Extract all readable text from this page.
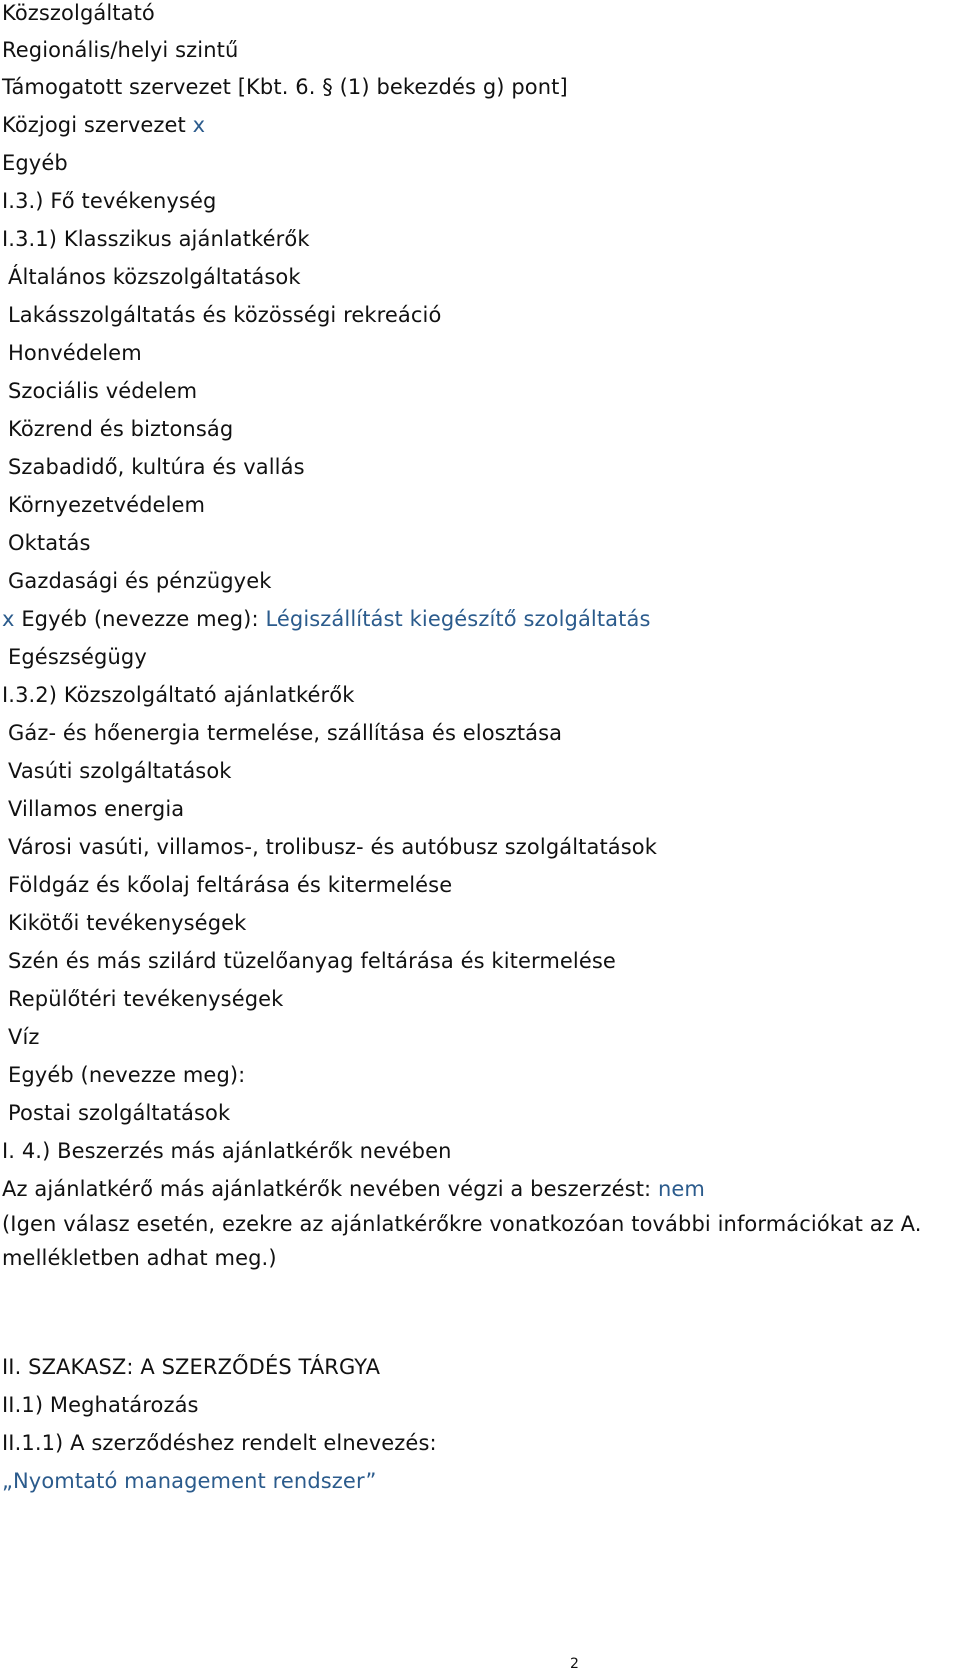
Közszolgáltató
Regionális/helyi szintű
Támogatott szervezet [Kbt. 6. § (1) bekezdés g) pont]
Közjogi szervezet x
Egyéb
I.3.) Fő tevékenység
I.3.1) Klasszikus ajánlatkérők
Általános közszolgáltatások
Lakásszolgáltatás és közösségi rekreáció
Honvédelem
Szociális védelem
Közrend és biztonság
Szabadidő, kultúra és vallás
Környezetvédelem
Oktatás
Gazdasági és pénzügyek
x Egyéb (nevezze meg): Légiszállítást kiegészítő szolgáltatás
Egészségügy
I.3.2) Közszolgáltató ajánlatkérők
Gáz- és hőenergia termelése, szállítása és elosztása
Vasúti szolgáltatások
Villamos energia
Városi vasúti, villamos-, trolibusz- és autóbusz szolgáltatások
Földgáz és kőolaj feltárása és kitermelése
Kikötői tevékenységek
Szén és más szilárd tüzelőanyag feltárása és kitermelése
Repülőtéri tevékenységek
Víz
Egyéb (nevezze meg):
Postai szolgáltatások
I. 4.) Beszerzés más ajánlatkérők nevében
Az ajánlatkérő más ajánlatkérők nevében végzi a beszerzést: nem
(Igen válasz esetén, ezekre az ajánlatkérőkre vonatkozóan további információkat az A. mellékletben adhat meg.)
II. SZAKASZ: A SZERZŐDÉS TÁRGYA
II.1) Meghatározás
II.1.1) A szerződéshez rendelt elnevezés:
„Nyomtató management rendszer”
2
